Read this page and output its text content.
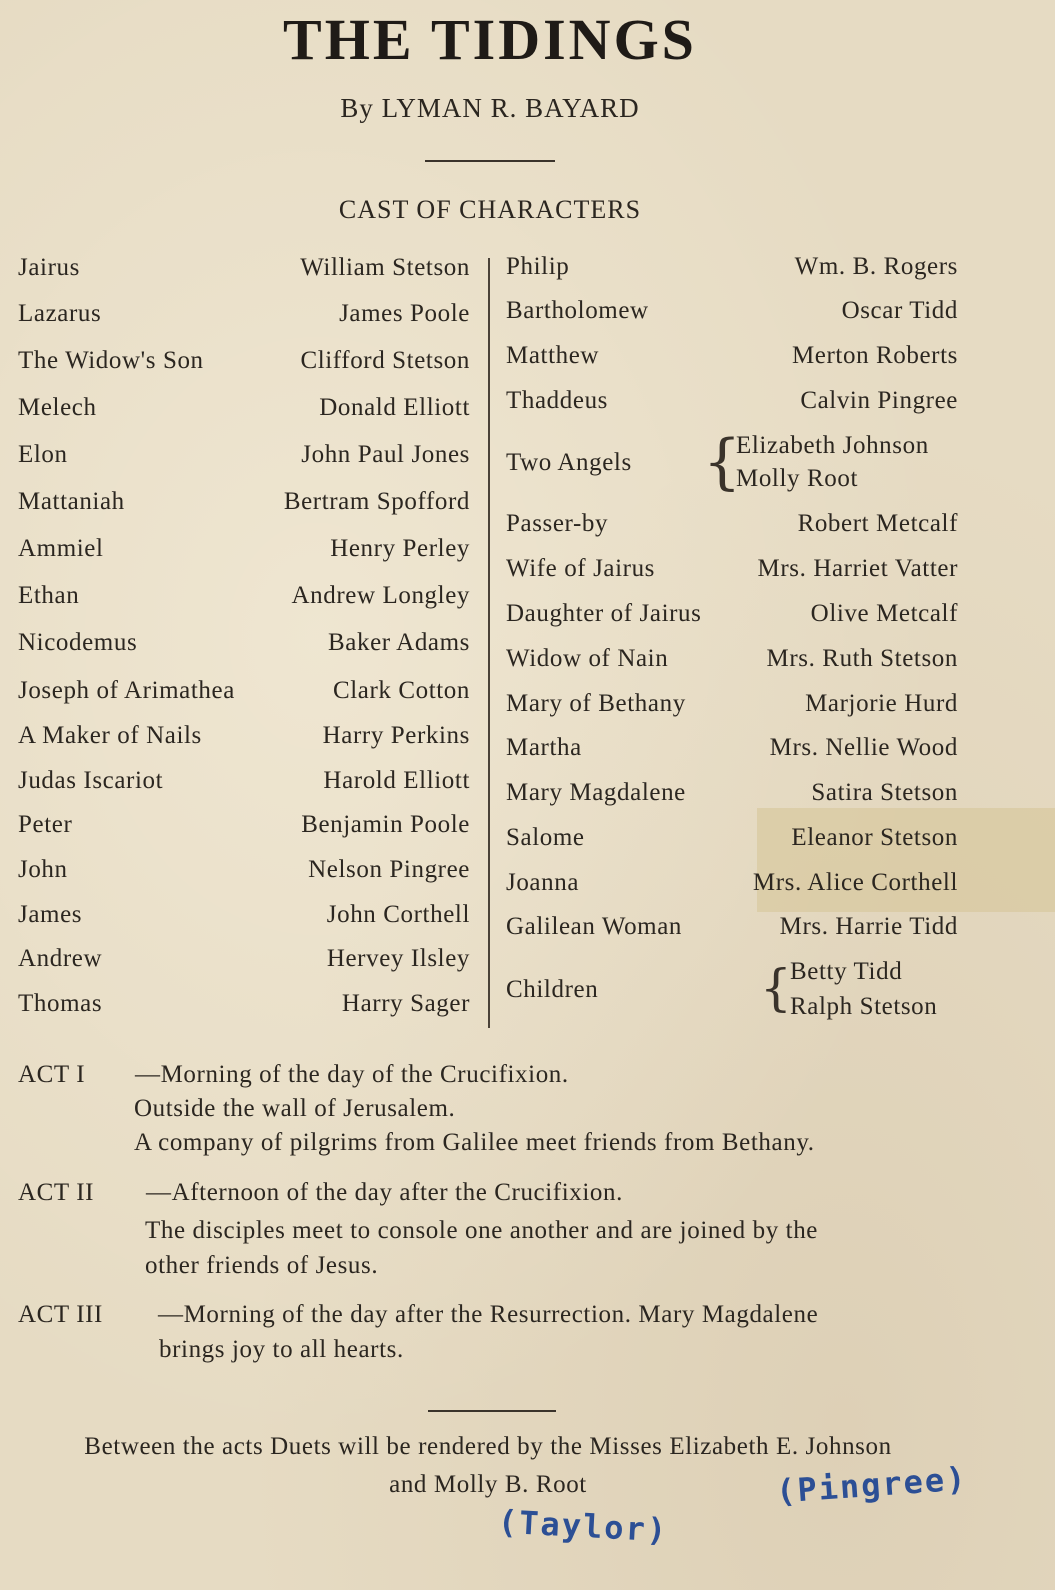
THE TIDINGS
By LYMAN R. BAYARD
CAST OF CHARACTERS
Jairus	William Stetson
Lazarus	James Poole
The Widow's Son	Clifford Stetson
Melech	Donald Elliott
Elon	John Paul Jones
Mattaniah	Bertram Spofford
Ammiel	Henry Perley
Ethan	Andrew Longley
Nicodemus	Baker Adams
Joseph of Arimathea	Clark Cotton
A Maker of Nails	Harry Perkins
Judas Iscariot	Harold Elliott
Peter	Benjamin Poole
John	Nelson Pingree
James	John Corthell
Andrew	Hervey Ilsley
Thomas	Harry Sager
Philip	Wm. B. Rogers
Bartholomew	Oscar Tidd
Matthew	Merton Roberts
Thaddeus	Calvin Pingree
Two Angels {
Elizabeth Johnson
Molly Root
Passer-by	Robert Metcalf
Wife of Jairus	Mrs. Harriet Vatter
Daughter of Jairus	Olive Metcalf
Widow of Nain	Mrs. Ruth Stetson
Mary of Bethany	Marjorie Hurd
Martha	Mrs. Nellie Wood
Mary Magdalene	Satira Stetson
Salome	Eleanor Stetson
Joanna	Mrs. Alice Corthell
Galilean Woman	Mrs. Harrie Tidd
Children	{
Betty Tidd
Ralph Stetson
ACT I —Morning of the day of the Crucifixion.
Outside the wall of Jerusalem.
A company of pilgrims from Galilee meet friends from Bethany.
ACT II —Afternoon of the day after the Crucifixion.
The disciples meet to console one another and are joined by the
other friends of Jesus.
ACT III —Morning of the day after the Resurrection. Mary Magdalene
brings joy to all hearts.
Between the acts Duets will be rendered by the Misses Elizabeth E. Johnson
and Molly B. Root	(Pingree)
(Taylor)
